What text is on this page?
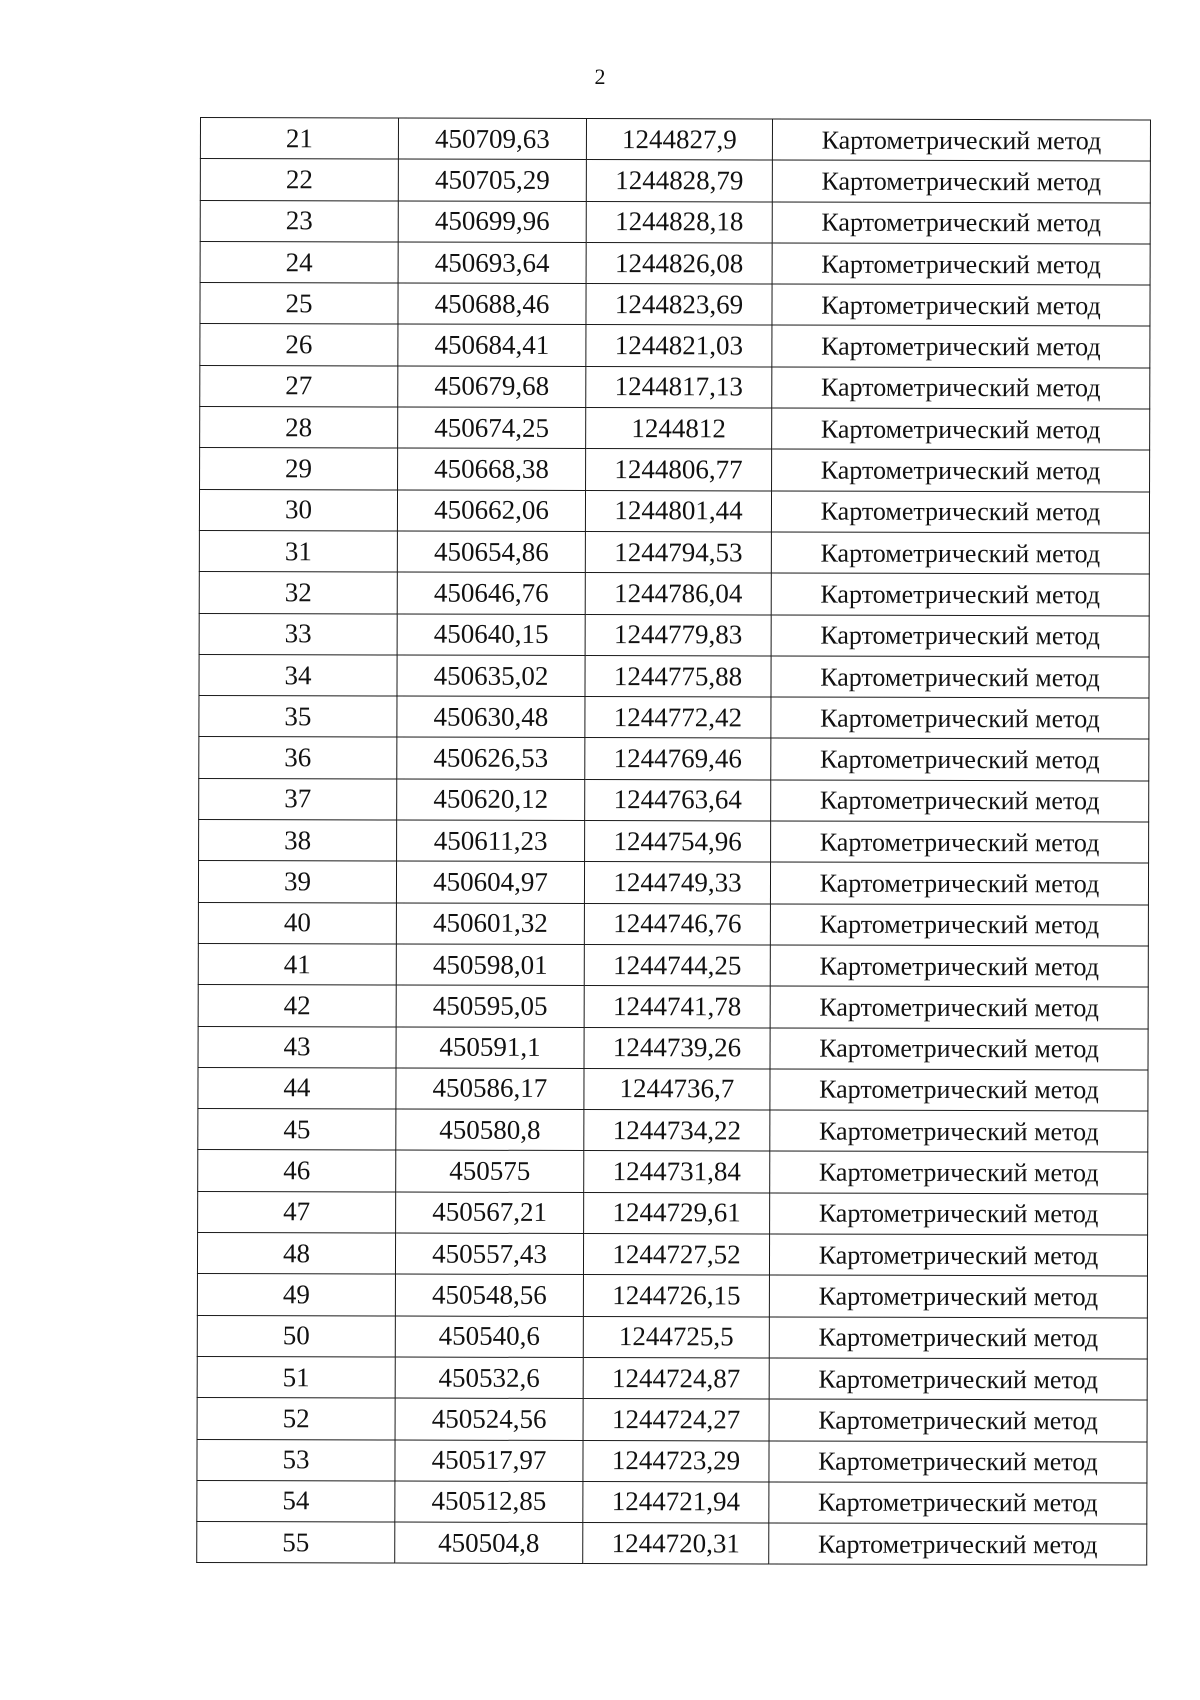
2
21	450709,63	1244827,9	Картометрический метод
22	450705,29	1244828,79	Картометрический метод
23	450699,96	1244828,18	Картометрический метод
24	450693,64	1244826,08	Картометрический метод
25	450688,46	1244823,69	Картометрический метод
26	450684,41	1244821,03	Картометрический метод
27	450679,68	1244817,13	Картометрический метод
28	450674,25	1244812	Картометрический метод
29	450668,38	1244806,77	Картометрический метод
30	450662,06	1244801,44	Картометрический метод
31	450654,86	1244794,53	Картометрический метод
32	450646,76	1244786,04	Картометрический метод
33	450640,15	1244779,83	Картометрический метод
34	450635,02	1244775,88	Картометрический метод
35	450630,48	1244772,42	Картометрический метод
36	450626,53	1244769,46	Картометрический метод
37	450620,12	1244763,64	Картометрический метод
38	450611,23	1244754,96	Картометрический метод
39	450604,97	1244749,33	Картометрический метод
40	450601,32	1244746,76	Картометрический метод
41	450598,01	1244744,25	Картометрический метод
42	450595,05	1244741,78	Картометрический метод
43	450591,1	1244739,26	Картометрический метод
44	450586,17	1244736,7	Картометрический метод
45	450580,8	1244734,22	Картометрический метод
46	450575	1244731,84	Картометрический метод
47	450567,21	1244729,61	Картометрический метод
48	450557,43	1244727,52	Картометрический метод
49	450548,56	1244726,15	Картометрический метод
50	450540,6	1244725,5	Картометрический метод
51	450532,6	1244724,87	Картометрический метод
52	450524,56	1244724,27	Картометрический метод
53	450517,97	1244723,29	Картометрический метод
54	450512,85	1244721,94	Картометрический метод
55	450504,8	1244720,31	Картометрический метод
